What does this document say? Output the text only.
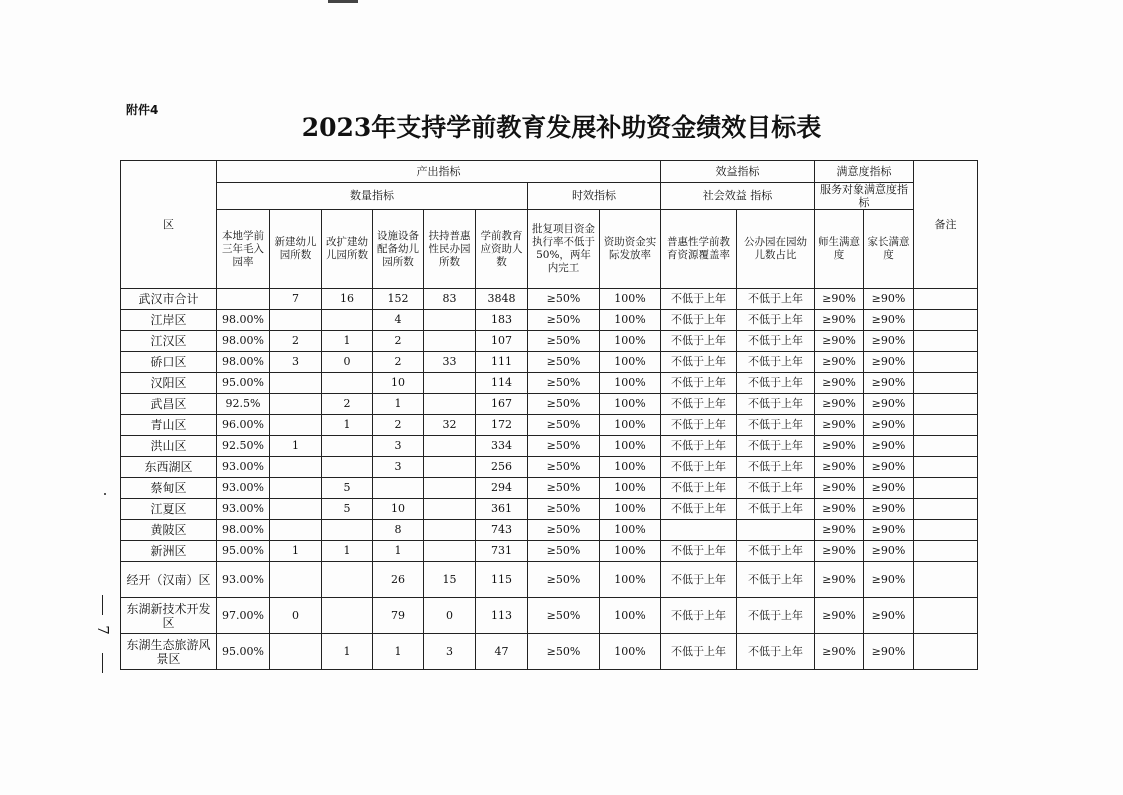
附件4
2023年支持学前教育发展补助资金绩效目标表
区	产出指标								效益指标		满意度指标		备注
	数量指标						时效指标		社会效益 指标		服务对象满意度指标		
	本地学前三年毛入园率	新建幼儿园所数	改扩建幼儿园所数	设施设备配备幼儿园所数	扶持普惠性民办园所数	学前教育应资助人数	批复项目资金执行率不低于50%，两年内完工	资助资金实际发放率	普惠性学前教育资源覆盖率	公办园在园幼儿数占比	师生满意度	家长满意度	
武汉市合计		7	16	152	83	3848	≥50%	100%	不低于上年	不低于上年	≥90%	≥90%	
江岸区	98.00%			4		183	≥50%	100%	不低于上年	不低于上年	≥90%	≥90%	
江汉区	98.00%	2	1	2		107	≥50%	100%	不低于上年	不低于上年	≥90%	≥90%	
硚口区	98.00%	3	0	2	33	111	≥50%	100%	不低于上年	不低于上年	≥90%	≥90%	
汉阳区	95.00%			10		114	≥50%	100%	不低于上年	不低于上年	≥90%	≥90%	
武昌区	92.5%		2	1		167	≥50%	100%	不低于上年	不低于上年	≥90%	≥90%	
青山区	96.00%		1	2	32	172	≥50%	100%	不低于上年	不低于上年	≥90%	≥90%	
洪山区	92.50%	1		3		334	≥50%	100%	不低于上年	不低于上年	≥90%	≥90%	
东西湖区	93.00%			3		256	≥50%	100%	不低于上年	不低于上年	≥90%	≥90%	
蔡甸区	93.00%		5			294	≥50%	100%	不低于上年	不低于上年	≥90%	≥90%	
江夏区	93.00%		5	10		361	≥50%	100%	不低于上年	不低于上年	≥90%	≥90%	
黄陂区	98.00%			8		743	≥50%	100%			≥90%	≥90%	
新洲区	95.00%	1	1	1		731	≥50%	100%	不低于上年	不低于上年	≥90%	≥90%	
经开（汉南）区	93.00%			26	15	115	≥50%	100%	不低于上年	不低于上年	≥90%	≥90%	
东湖新技术开发区	97.00%	0		79	0	113	≥50%	100%	不低于上年	不低于上年	≥90%	≥90%	
东湖生态旅游风景区	95.00%		1	1	3	47	≥50%	100%	不低于上年	不低于上年	≥90%	≥90%	
7
